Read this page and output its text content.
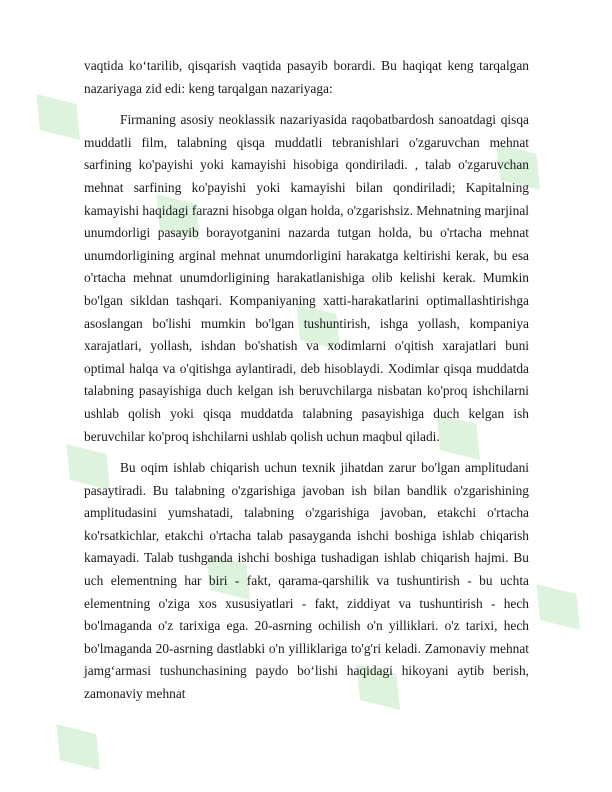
vaqtida ko‘tarilib, qisqarish vaqtida pasayib borardi. Bu haqiqat keng tarqalgan nazariyaga zid edi: keng tarqalgan nazariyaga:

Firmaning asosiy neoklassik nazariyasida raqobatbardosh sanoatdagi qisqa muddatli film, talabning qisqa muddatli tebranishlari o'zgaruvchan mehnat sarfining ko'payishi yoki kamayishi hisobiga qondiriladi. , talab o'zgaruvchan mehnat sarfining ko'payishi yoki kamayishi bilan qondiriladi; Kapitalning kamayishi haqidagi farazni hisobga olgan holda, o'zgarishsiz. Mehnatning marjinal unumdorligi pasayib borayotganini nazarda tutgan holda, bu o'rtacha mehnat unumdorligining arginal mehnat unumdorligini harakatga keltirishi kerak, bu esa o'rtacha mehnat unumdorligining harakatlanishiga olib kelishi kerak. Mumkin bo'lgan sikldan tashqari. Kompaniyaning xatti-harakatlarini optimallashtirishga asoslangan bo'lishi mumkin bo'lgan tushuntirish, ishga yollash, kompaniya xarajatlari, yollash, ishdan bo'shatish va xodimlarni o'qitish xarajatlari buni optimal halqa va o'qitishga aylantiradi, deb hisoblaydi. Xodimlar qisqa muddatda talabning pasayishiga duch kelgan ish beruvchilarga nisbatan ko'proq ishchilarni ushlab qolish yoki qisqa muddatda talabning pasayishiga duch kelgan ish beruvchilar ko'proq ishchilarni ushlab qolish uchun maqbul qiladi.

Bu oqim ishlab chiqarish uchun texnik jihatdan zarur bo'lgan amplitudani pasaytiradi. Bu talabning o'zgarishiga javoban ish bilan bandlik o'zgarishining amplitudasini yumshatadi, talabning o'zgarishiga javoban, etakchi o'rtacha ko'rsatkichlar, etakchi o'rtacha talab pasayganda ishchi boshiga ishlab chiqarish kamayadi. Talab tushganda ishchi boshiga tushadigan ishlab chiqarish hajmi. Bu uch elementning har biri - fakt, qarama-qarshilik va tushuntirish - bu uchta elementning o'ziga xos xususiyatlari - fakt, ziddiyat va tushuntirish - hech bo'lmaganda o'z tarixiga ega. 20-asrning ochilish o'n yilliklari. o'z tarixi, hech bo'lmaganda 20-asrning dastlabki o'n yilliklariga to'g'ri keladi. Zamonaviy mehnat jamg‘armasi tushunchasining paydo bo‘lishi haqidagi hikoyani aytib berish, zamonaviy mehnat
